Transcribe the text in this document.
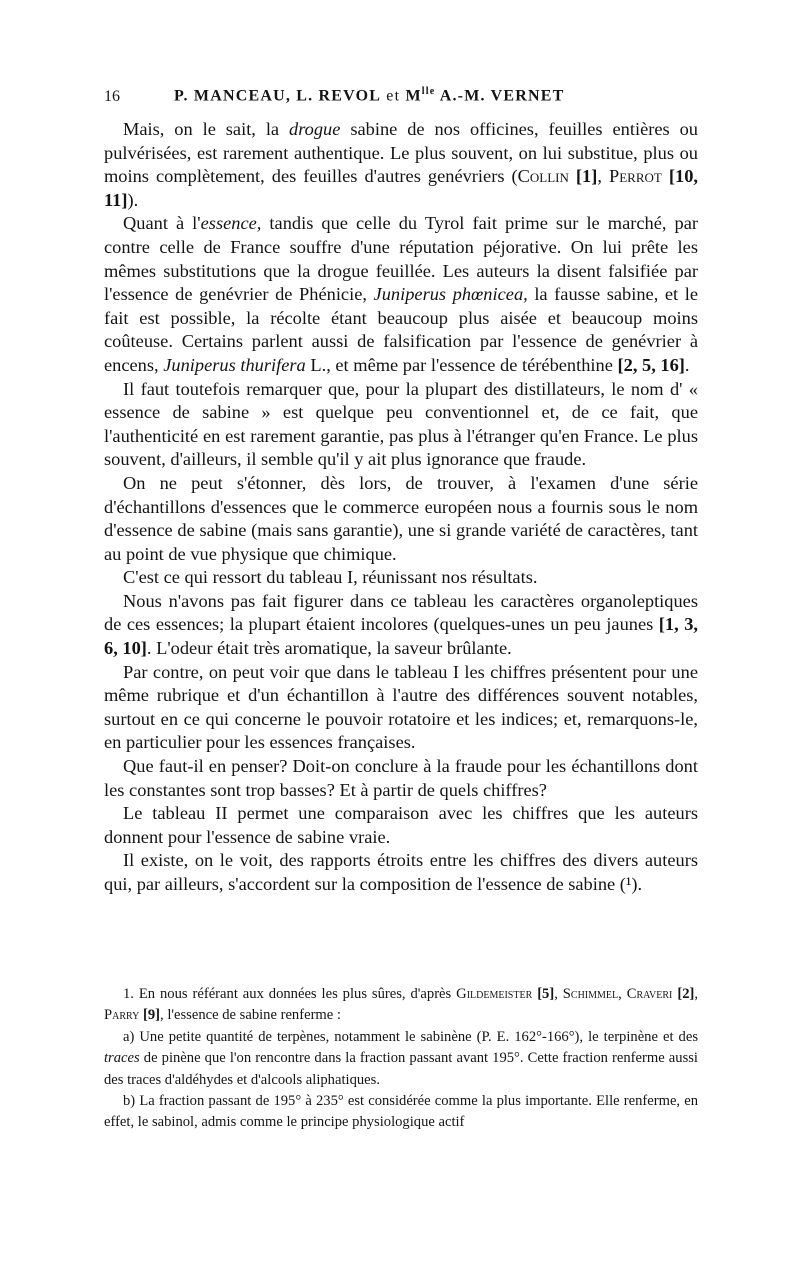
16	P. MANCEAU, L. REVOL et $M^{lle}$ A.-M. VERNET

Mais, on le sait, la drogue sabine de nos officines, feuilles entières ou pulvérisées, est rarement authentique. Le plus souvent, on lui substitue, plus ou moins complètement, des feuilles d'autres genévriers (Collin [1], Perrot [10, 11]).

Quant à l'essence, tandis que celle du Tyrol fait prime sur le marché, par contre celle de France souffre d'une réputation péjorative. On lui prête les mêmes substitutions que la drogue feuillée. Les auteurs la disent falsifiée par l'essence de genévrier de Phénicie, Juniperus phœnicea, la fausse sabine, et le fait est possible, la récolte étant beaucoup plus aisée et beaucoup moins coûteuse. Certains parlent aussi de falsification par l'essence de genévrier à encens, Juniperus thurifera L., et même par l'essence de térébenthine [2, 5, 16].

Il faut toutefois remarquer que, pour la plupart des distillateurs, le nom d' « essence de sabine » est quelque peu conventionnel et, de ce fait, que l'authenticité en est rarement garantie, pas plus à l'étranger qu'en France. Le plus souvent, d'ailleurs, il semble qu'il y ait plus ignorance que fraude.

On ne peut s'étonner, dès lors, de trouver, à l'examen d'une série d'échantillons d'essences que le commerce européen nous a fournis sous le nom d'essence de sabine (mais sans garantie), une si grande variété de caractères, tant au point de vue physique que chimique.

C'est ce qui ressort du tableau I, réunissant nos résultats.

Nous n'avons pas fait figurer dans ce tableau les caractères organoleptiques de ces essences; la plupart étaient incolores (quelques-unes un peu jaunes [1, 3, 6, 10]. L'odeur était très aromatique, la saveur brûlante.

Par contre, on peut voir que dans le tableau I les chiffres présentent pour une même rubrique et d'un échantillon à l'autre des différences souvent notables, surtout en ce qui concerne le pouvoir rotatoire et les indices; et, remarquons-le, en particulier pour les essences françaises.

Que faut-il en penser? Doit-on conclure à la fraude pour les échantillons dont les constantes sont trop basses? Et à partir de quels chiffres?

Le tableau II permet une comparaison avec les chiffres que les auteurs donnent pour l'essence de sabine vraie.

Il existe, on le voit, des rapports étroits entre les chiffres des divers auteurs qui, par ailleurs, s'accordent sur la composition de l'essence de sabine (¹).

1. En nous référant aux données les plus sûres, d'après Gildemeister [5], Schimmel, Craveri [2], Parry [9], l'essence de sabine renferme :

a) Une petite quantité de terpènes, notamment le sabinène (P. E. 162°-166°), le terpinène et des traces de pinène que l'on rencontre dans la fraction passant avant 195°. Cette fraction renferme aussi des traces d'aldéhydes et d'alcools aliphatiques.

b) La fraction passant de 195° à 235° est considérée comme la plus importante. Elle renferme, en effet, le sabinol, admis comme le principe physiologique actif
